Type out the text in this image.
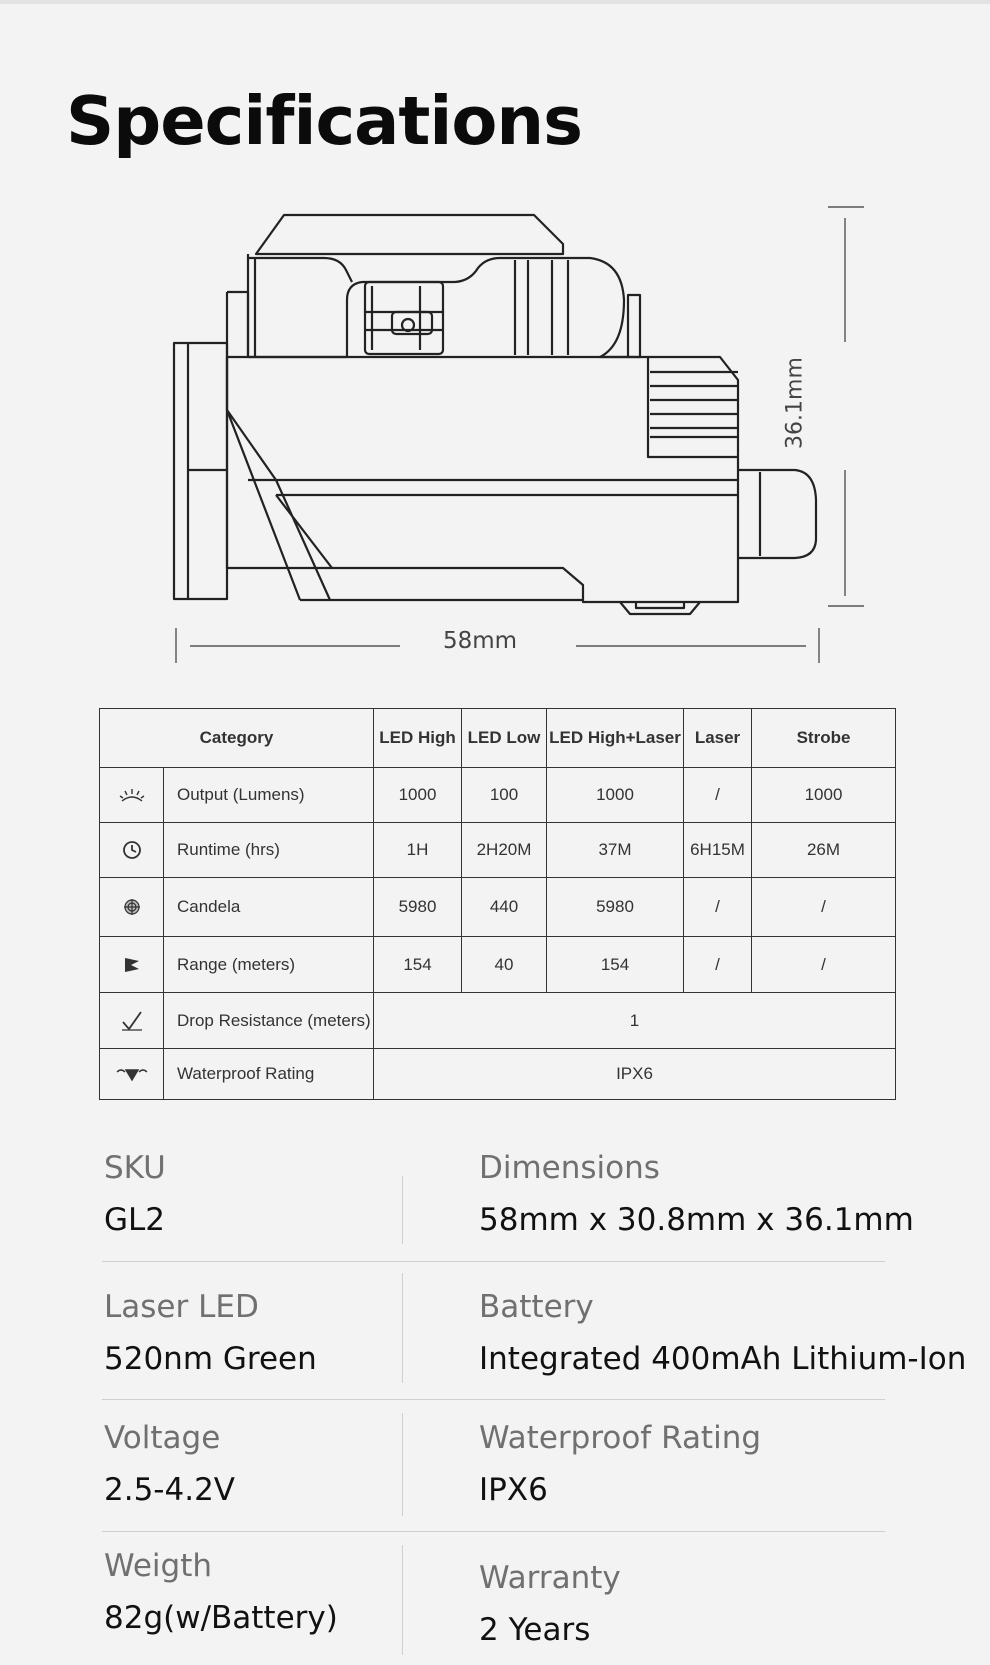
Specifications
58mm
36.1mm
Category		LED High	LED Low	LED High+Laser	Laser	Strobe

	Output (Lumens)	1000	100	1000	/	1000

	Runtime (hrs)	1H	2H20M	37M	6H15M	26M

	Candela	5980	440	5980	/	/

	Range (meters)	154	40	154	/	/

	Drop Resistance (meters)	1				

	Waterproof Rating	IPX6				
SKU
GL2
Dimensions
58mm x 30.8mm x 36.1mm
Laser LED
520nm Green
Battery
Integrated 400mAh Lithium-Ion
Voltage
2.5-4.2V
Waterproof Rating
IPX6
Weigth
82g(w/Battery)
Warranty
2 Years
